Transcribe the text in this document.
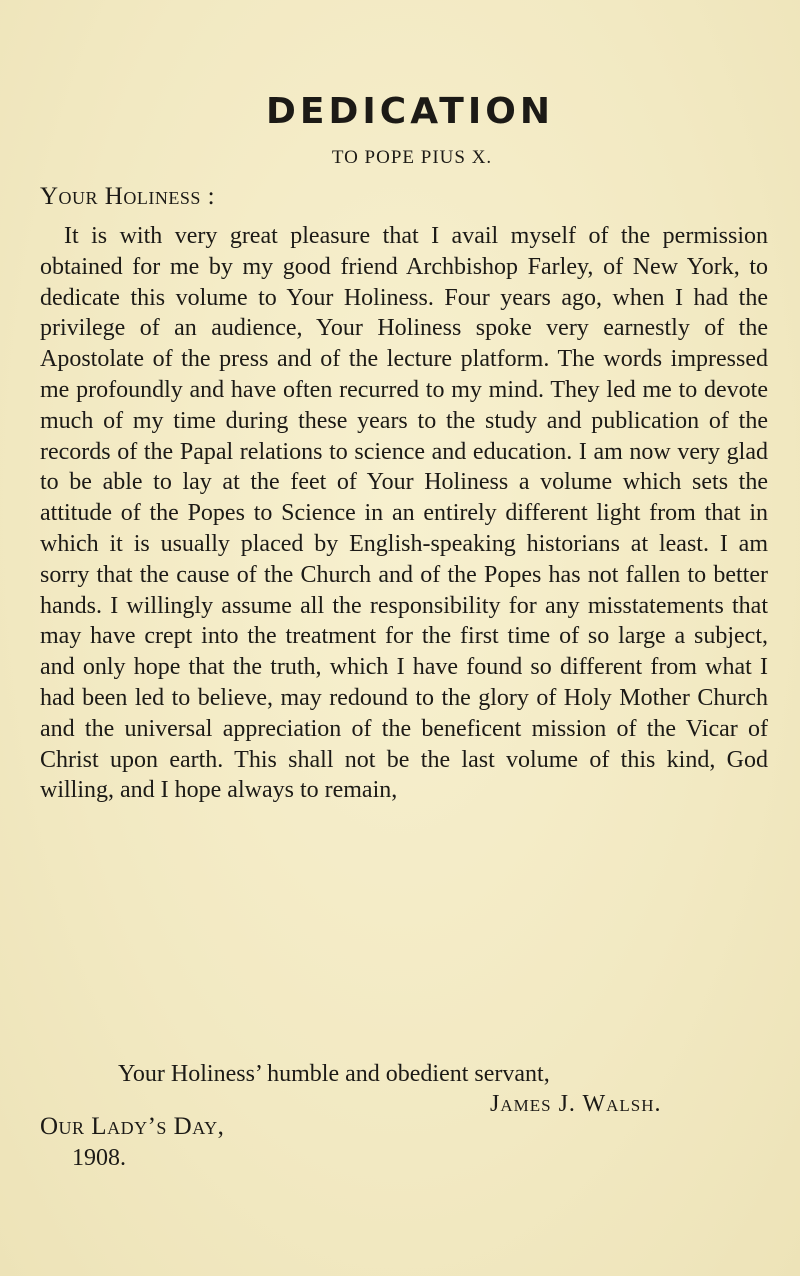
DEDICATION
TO POPE PIUS X.
Your Holiness :

It is with very great pleasure that I avail myself of the permission obtained for me by my good friend Archbishop Farley, of New York, to dedicate this volume to Your Holiness. Four years ago, when I had the privilege of an audience, Your Holiness spoke very earnestly of the Apostolate of the press and of the lecture platform. The words impressed me profoundly and have often recurred to my mind. They led me to devote much of my time during these years to the study and publication of the records of the Papal relations to science and education. I am now very glad to be able to lay at the feet of Your Holiness a volume which sets the attitude of the Popes to Science in an entirely different light from that in which it is usually placed by English-speaking historians at least. I am sorry that the cause of the Church and of the Popes has not fallen to better hands. I willingly assume all the responsibility for any misstatements that may have crept into the treatment for the first time of so large a subject, and only hope that the truth, which I have found so different from what I had been led to believe, may redound to the glory of Holy Mother Church and the universal appreciation of the beneficent mission of the Vicar of Christ upon earth. This shall not be the last volume of this kind, God willing, and I hope always to remain,

Your Holiness’ humble and obedient servant,
James J. Walsh.
Our Lady’s Day,
1908.
